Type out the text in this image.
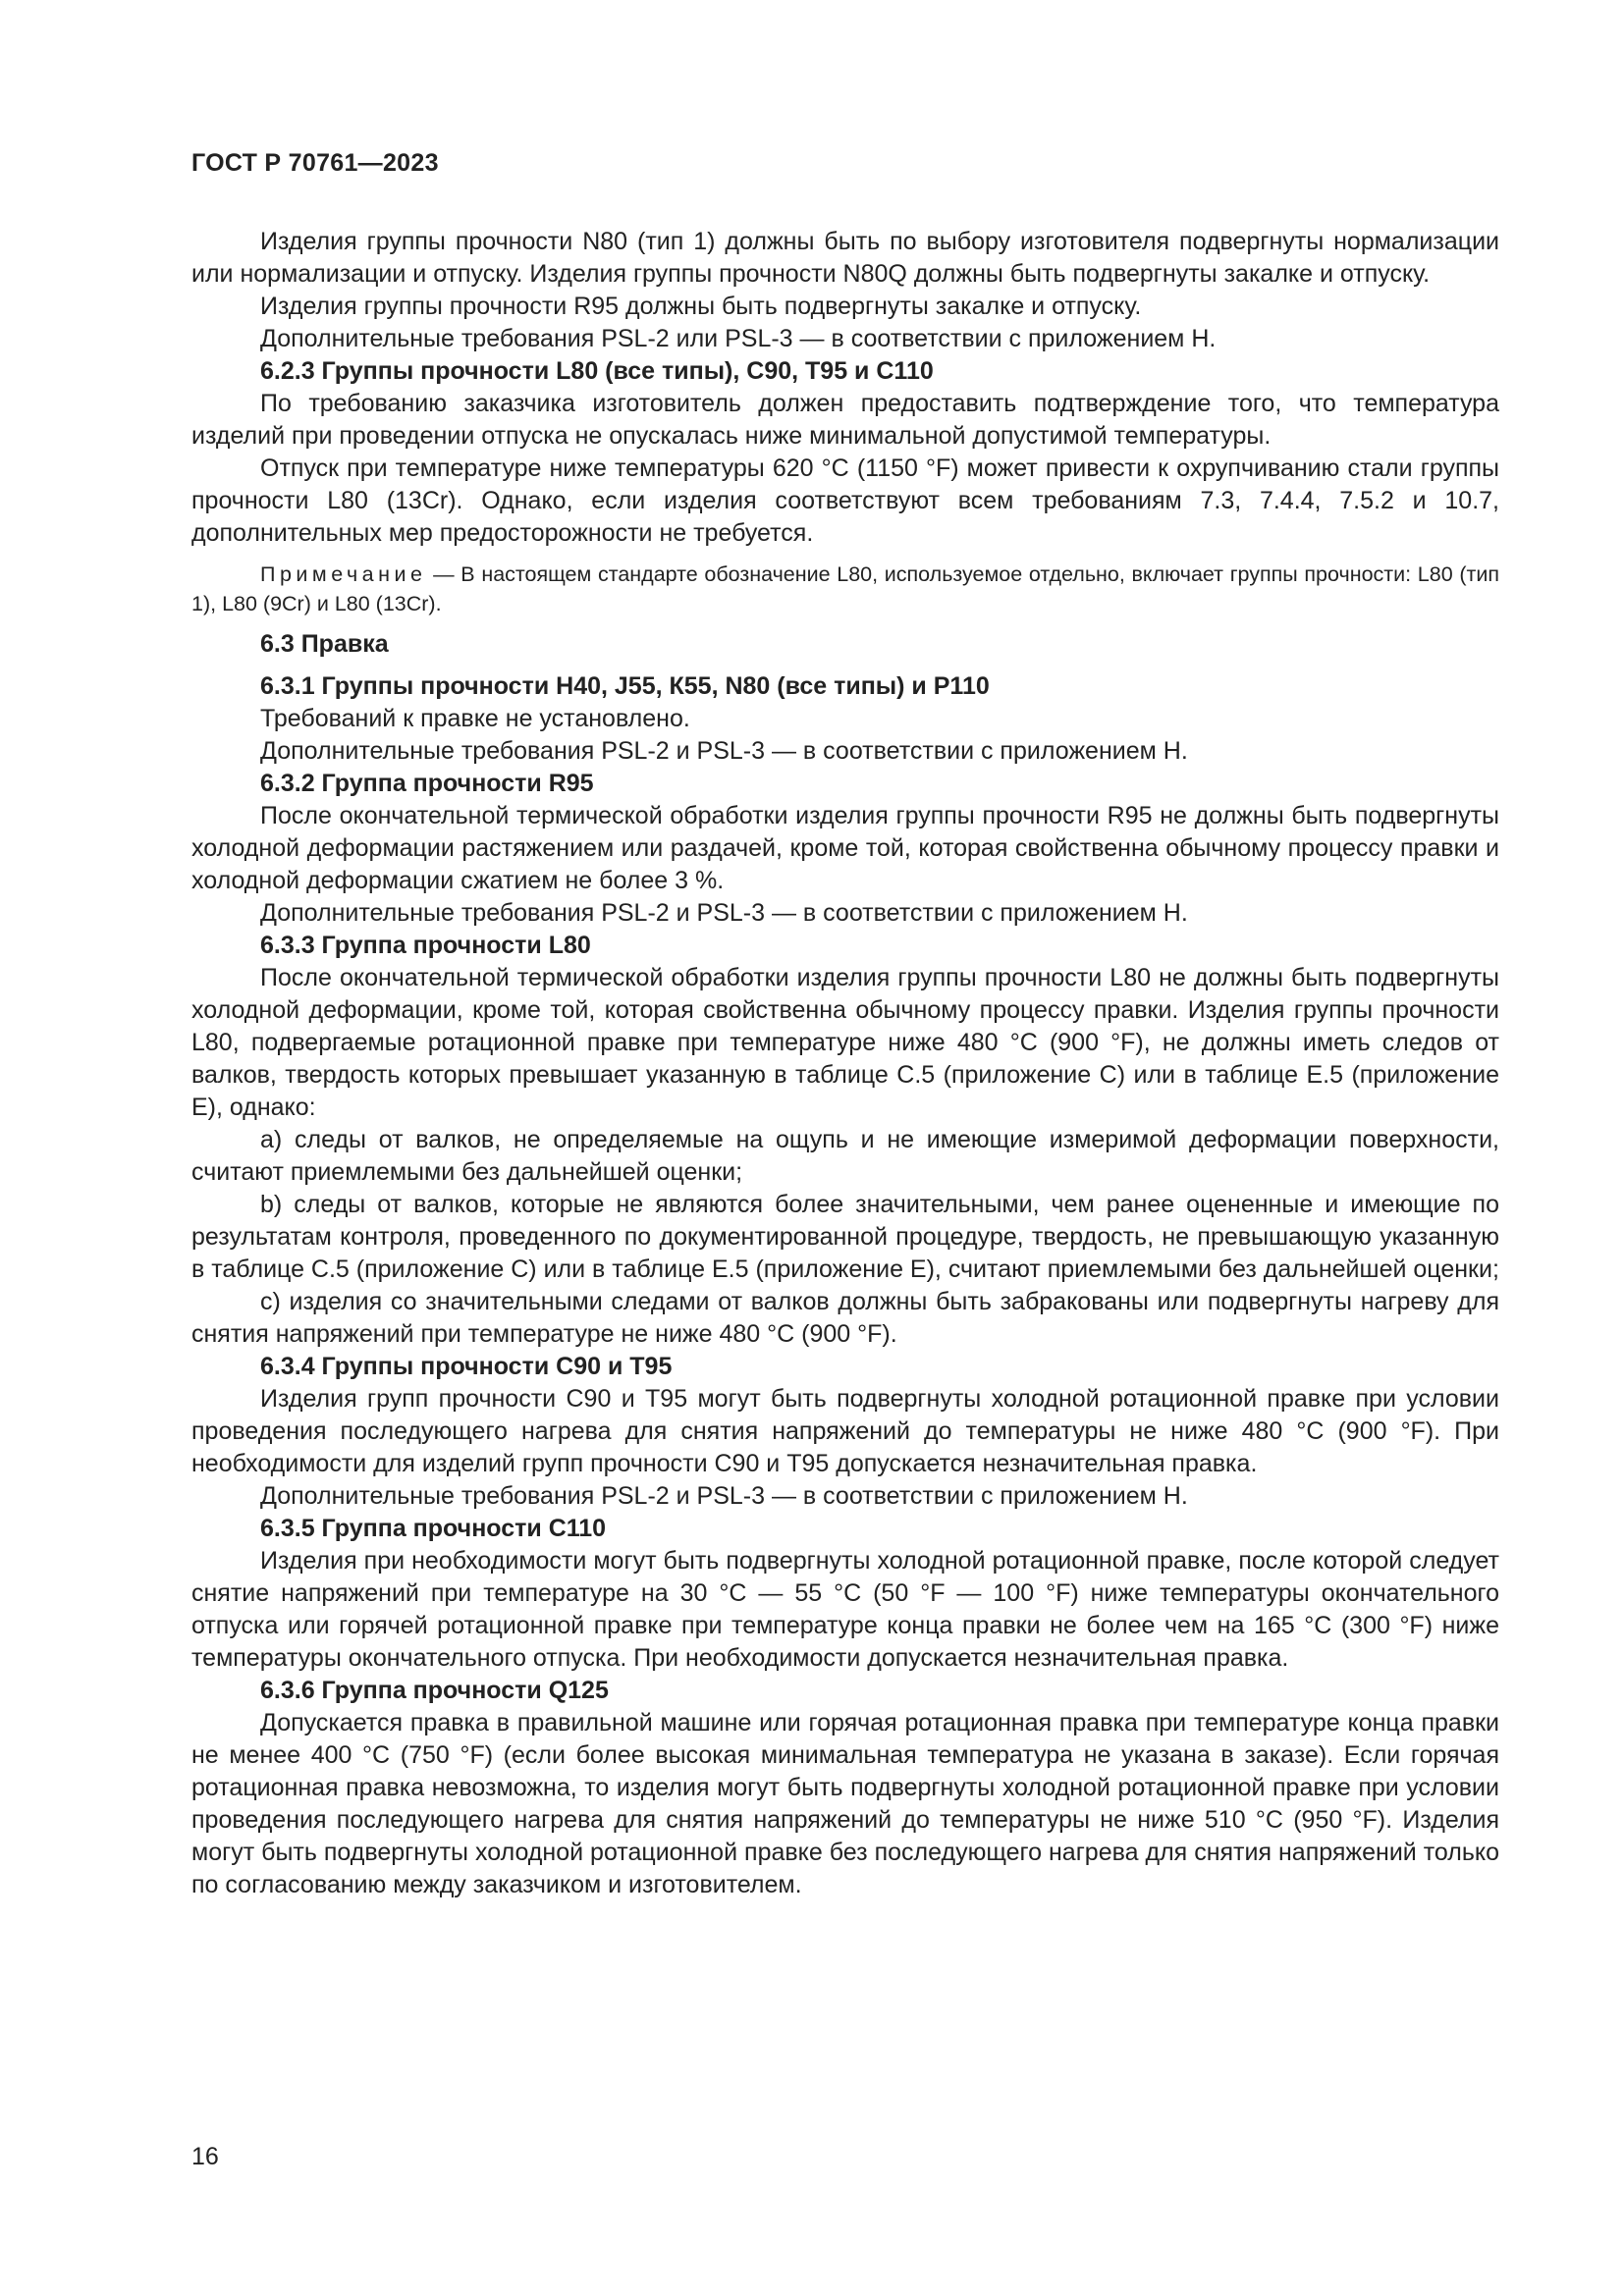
ГОСТ Р 70761—2023

Изделия группы прочности N80 (тип 1) должны быть по выбору изготовителя подвергнуты нормализации или нормализации и отпуску. Изделия группы прочности N80Q должны быть подвергнуты закалке и отпуску.

Изделия группы прочности R95 должны быть подвергнуты закалке и отпуску.

Дополнительные требования PSL-2 или PSL-3 — в соответствии с приложением Н.

6.2.3 Группы прочности L80 (все типы), С90, Т95 и С110

По требованию заказчика изготовитель должен предоставить подтверждение того, что температура изделий при проведении отпуска не опускалась ниже минимальной допустимой температуры.

Отпуск при температуре ниже температуры 620 °С (1150 °F) может привести к охрупчиванию стали группы прочности L80 (13Cr). Однако, если изделия соответствуют всем требованиям 7.3, 7.4.4, 7.5.2 и 10.7, дополнительных мер предосторожности не требуется.

Примечание — В настоящем стандарте обозначение L80, используемое отдельно, включает группы прочности: L80 (тип 1), L80 (9Cr) и L80 (13Cr).

6.3 Правка

6.3.1 Группы прочности Н40, J55, К55, N80 (все типы) и Р110

Требований к правке не установлено.

Дополнительные требования PSL-2 и PSL-3 — в соответствии с приложением Н.

6.3.2 Группа прочности R95

После окончательной термической обработки изделия группы прочности R95 не должны быть подвергнуты холодной деформации растяжением или раздачей, кроме той, которая свойственна обычному процессу правки и холодной деформации сжатием не более 3 %.

Дополнительные требования PSL-2 и PSL-3 — в соответствии с приложением Н.

6.3.3 Группа прочности L80

После окончательной термической обработки изделия группы прочности L80 не должны быть подвергнуты холодной деформации, кроме той, которая свойственна обычному процессу правки. Изделия группы прочности L80, подвергаемые ротационной правке при температуре ниже 480 °С (900 °F), не должны иметь следов от валков, твердость которых превышает указанную в таблице С.5 (приложение С) или в таблице Е.5 (приложение Е), однако:

a) следы от валков, не определяемые на ощупь и не имеющие измеримой деформации поверхности, считают приемлемыми без дальнейшей оценки;

b) следы от валков, которые не являются более значительными, чем ранее оцененные и имеющие по результатам контроля, проведенного по документированной процедуре, твердость, не превышающую указанную в таблице С.5 (приложение С) или в таблице Е.5 (приложение Е), считают приемлемыми без дальнейшей оценки;

c) изделия со значительными следами от валков должны быть забракованы или подвергнуты нагреву для снятия напряжений при температуре не ниже 480 °С (900 °F).

6.3.4 Группы прочности С90 и Т95

Изделия групп прочности С90 и Т95 могут быть подвергнуты холодной ротационной правке при условии проведения последующего нагрева для снятия напряжений до температуры не ниже 480 °С (900 °F). При необходимости для изделий групп прочности С90 и Т95 допускается незначительная правка.

Дополнительные требования PSL-2 и PSL-3 — в соответствии с приложением Н.

6.3.5 Группа прочности С110

Изделия при необходимости могут быть подвергнуты холодной ротационной правке, после которой следует снятие напряжений при температуре на 30 °С — 55 °С (50 °F — 100 °F) ниже температуры окончательного отпуска или горячей ротационной правке при температуре конца правки не более чем на 165 °С (300 °F) ниже температуры окончательного отпуска. При необходимости допускается незначительная правка.

6.3.6 Группа прочности Q125

Допускается правка в правильной машине или горячая ротационная правка при температуре конца правки не менее 400 °С (750 °F) (если более высокая минимальная температура не указана в заказе). Если горячая ротационная правка невозможна, то изделия могут быть подвергнуты холодной ротационной правке при условии проведения последующего нагрева для снятия напряжений до температуры не ниже 510 °С (950 °F). Изделия могут быть подвергнуты холодной ротационной правке без последующего нагрева для снятия напряжений только по согласованию между заказчиком и изготовителем.

16
